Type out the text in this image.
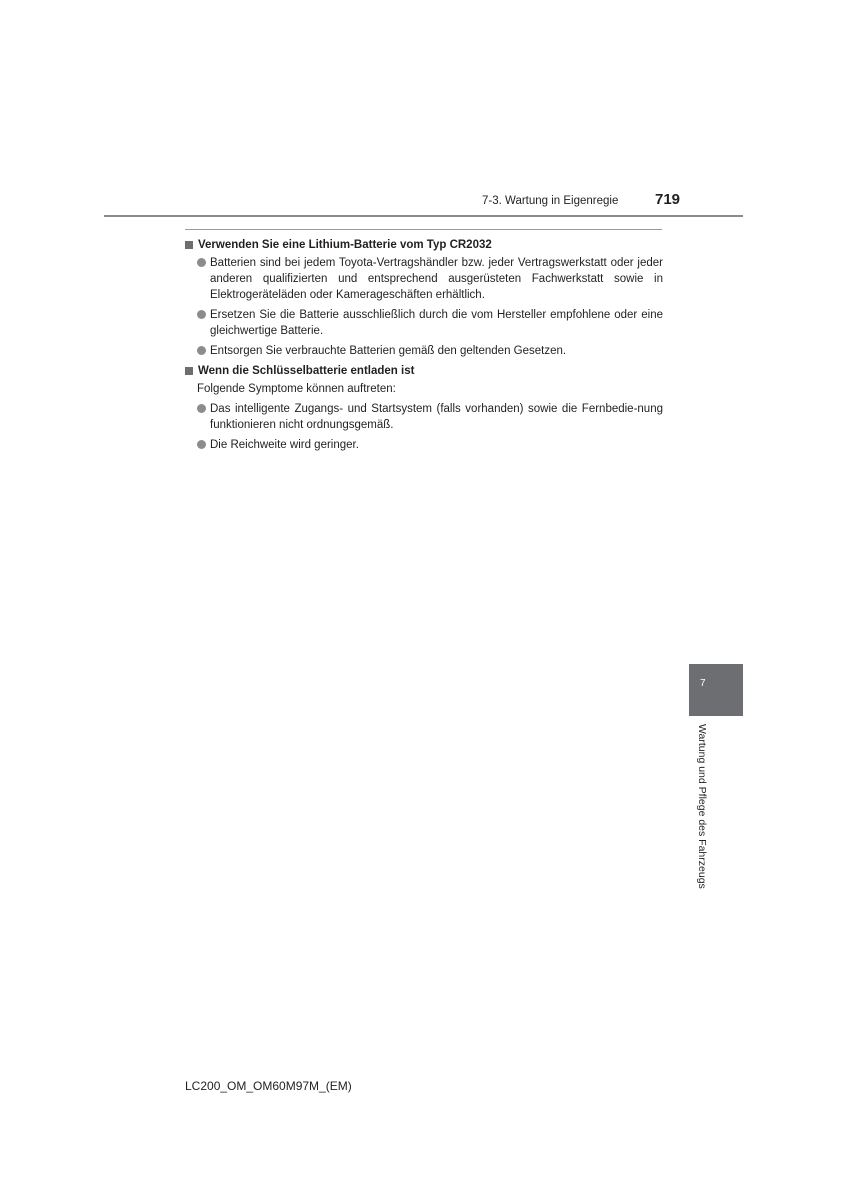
7-3. Wartung in Eigenregie 719
Verwenden Sie eine Lithium-Batterie vom Typ CR2032
Batterien sind bei jedem Toyota-Vertragshändler bzw. jeder Vertragswerkstatt oder jeder anderen qualifizierten und entsprechend ausgerüsteten Fachwerkstatt sowie in Elektrogeräteläden oder Kamerageschäften erhältlich.
Ersetzen Sie die Batterie ausschließlich durch die vom Hersteller empfohlene oder eine gleichwertige Batterie.
Entsorgen Sie verbrauchte Batterien gemäß den geltenden Gesetzen.
Wenn die Schlüsselbatterie entladen ist
Folgende Symptome können auftreten:
Das intelligente Zugangs- und Startsystem (falls vorhanden) sowie die Fernbedie-nung funktionieren nicht ordnungsgemäß.
Die Reichweite wird geringer.
7
Wartung und Pflege des Fahrzeugs
LC200_OM_OM60M97M_(EM)
